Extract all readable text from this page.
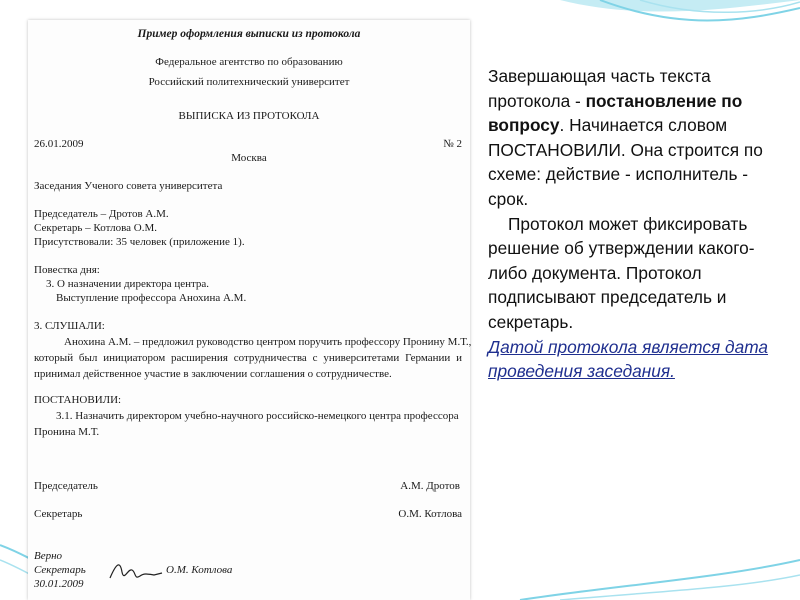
Пример оформления выписки из протокола
Федеральное агентство по образованию
Российский политехнический университет
ВЫПИСКА ИЗ ПРОТОКОЛА
26.01.2009	№ 2
Москва
Заседания Ученого совета университета
Председатель – Дротов А.М.
Секретарь – Котлова О.М.
Присутствовали: 35 человек (приложение 1).
Повестка дня:
3. О назначении директора центра.
Выступление профессора Анохина А.М.
3. СЛУШАЛИ:
Анохина А.М. – предложил руководство центром поручить профессору Пронину М.Т.,
который был инициатором расширения сотрудничества с университетами Германии и
принимал действенное участие в заключении соглашения о сотрудничестве.
ПОСТАНОВИЛИ:
3.1. Назначить директором учебно-научного российско-немецкого центра профессора
Пронина М.Т.
Председатель	А.М. Дротов
Секретарь	О.М. Котлова
Верно
Секретарь
30.01.2009
О.М. Котлова
Завершающая часть текста протокола - постановление по вопросу. Начинается словом ПОСТАНОВИЛИ. Она строится по схеме: действие - исполнитель - срок.
Протокол может фиксировать решение об утверждении какого-либо документа. Протокол подписывают председатель и секретарь.
Датой протокола является дата проведения заседания.
